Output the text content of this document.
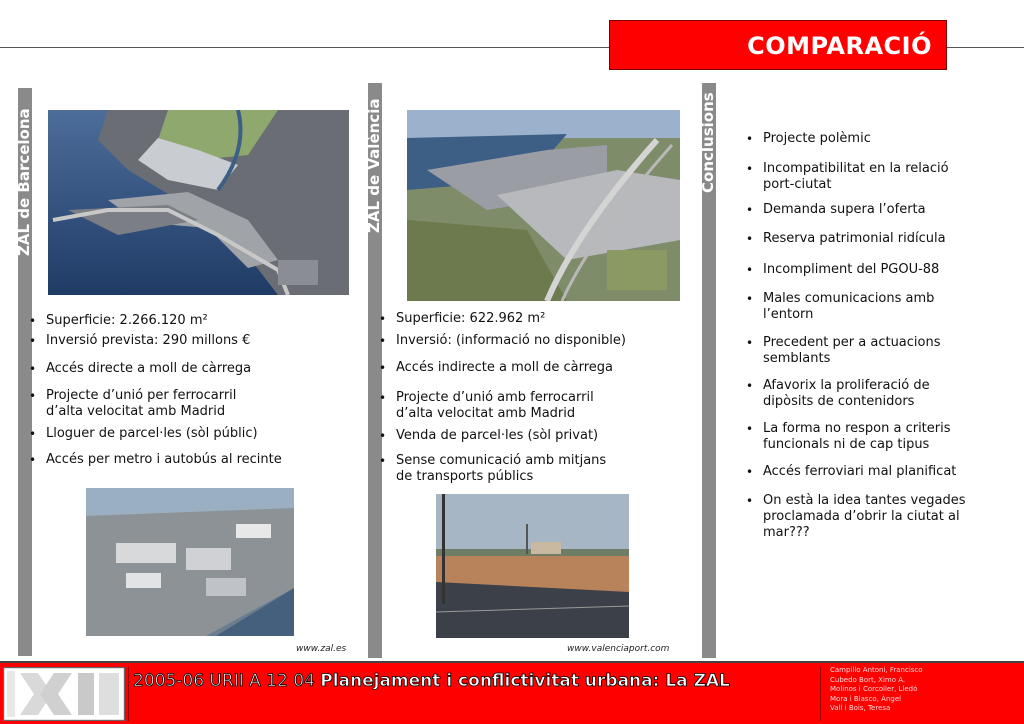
COMPARACIÓ
ZAL de Barcelona
• Superficie: 2.266.120 m²
• Inversió prevista: 290 millons €
• Accés directe a moll de càrrega
• Projecte d’unió per ferrocarril d’alta velocitat amb Madrid
• Lloguer de parcel·les (sòl públic)
• Accés per metro i autobús al recinte
www.zal.es
ZAL de València
• Superficie: 622.962 m²
• Inversió: (informació no disponible)
• Accés indirecte a moll de càrrega
• Projecte d’unió amb ferrocarril d’alta velocitat amb Madrid
• Venda de parcel·les (sòl privat)
• Sense comunicació amb mitjans de transports públics
www.valenciaport.com
Conclusions
•	Projecte polèmic
• Incompatibilitat en la relació port-ciutat
• Demanda supera l’oferta
• Reserva patrimonial ridícula
• Incompliment del PGOU-88
• Males comunicacions amb l’entorn
• Precedent per a actuacions semblants
• Afavorix la proliferació de dipòsits de contenidors
• La forma no respon a criteris funcionals ni de cap tipus
• Accés ferroviari mal planificat
• On està la idea tantes vegades proclamada d’obrir la ciutat al mar???
2005-06 URII A 12 04 Planejament i conflictivitat urbana: La ZAL
Campillo Antoni, Francisco
Cubedo Bort, Ximo A.
Molinos i Corcoller, Lledó
Mora i Blasco, Àngel
Vall i Bois, Teresa
